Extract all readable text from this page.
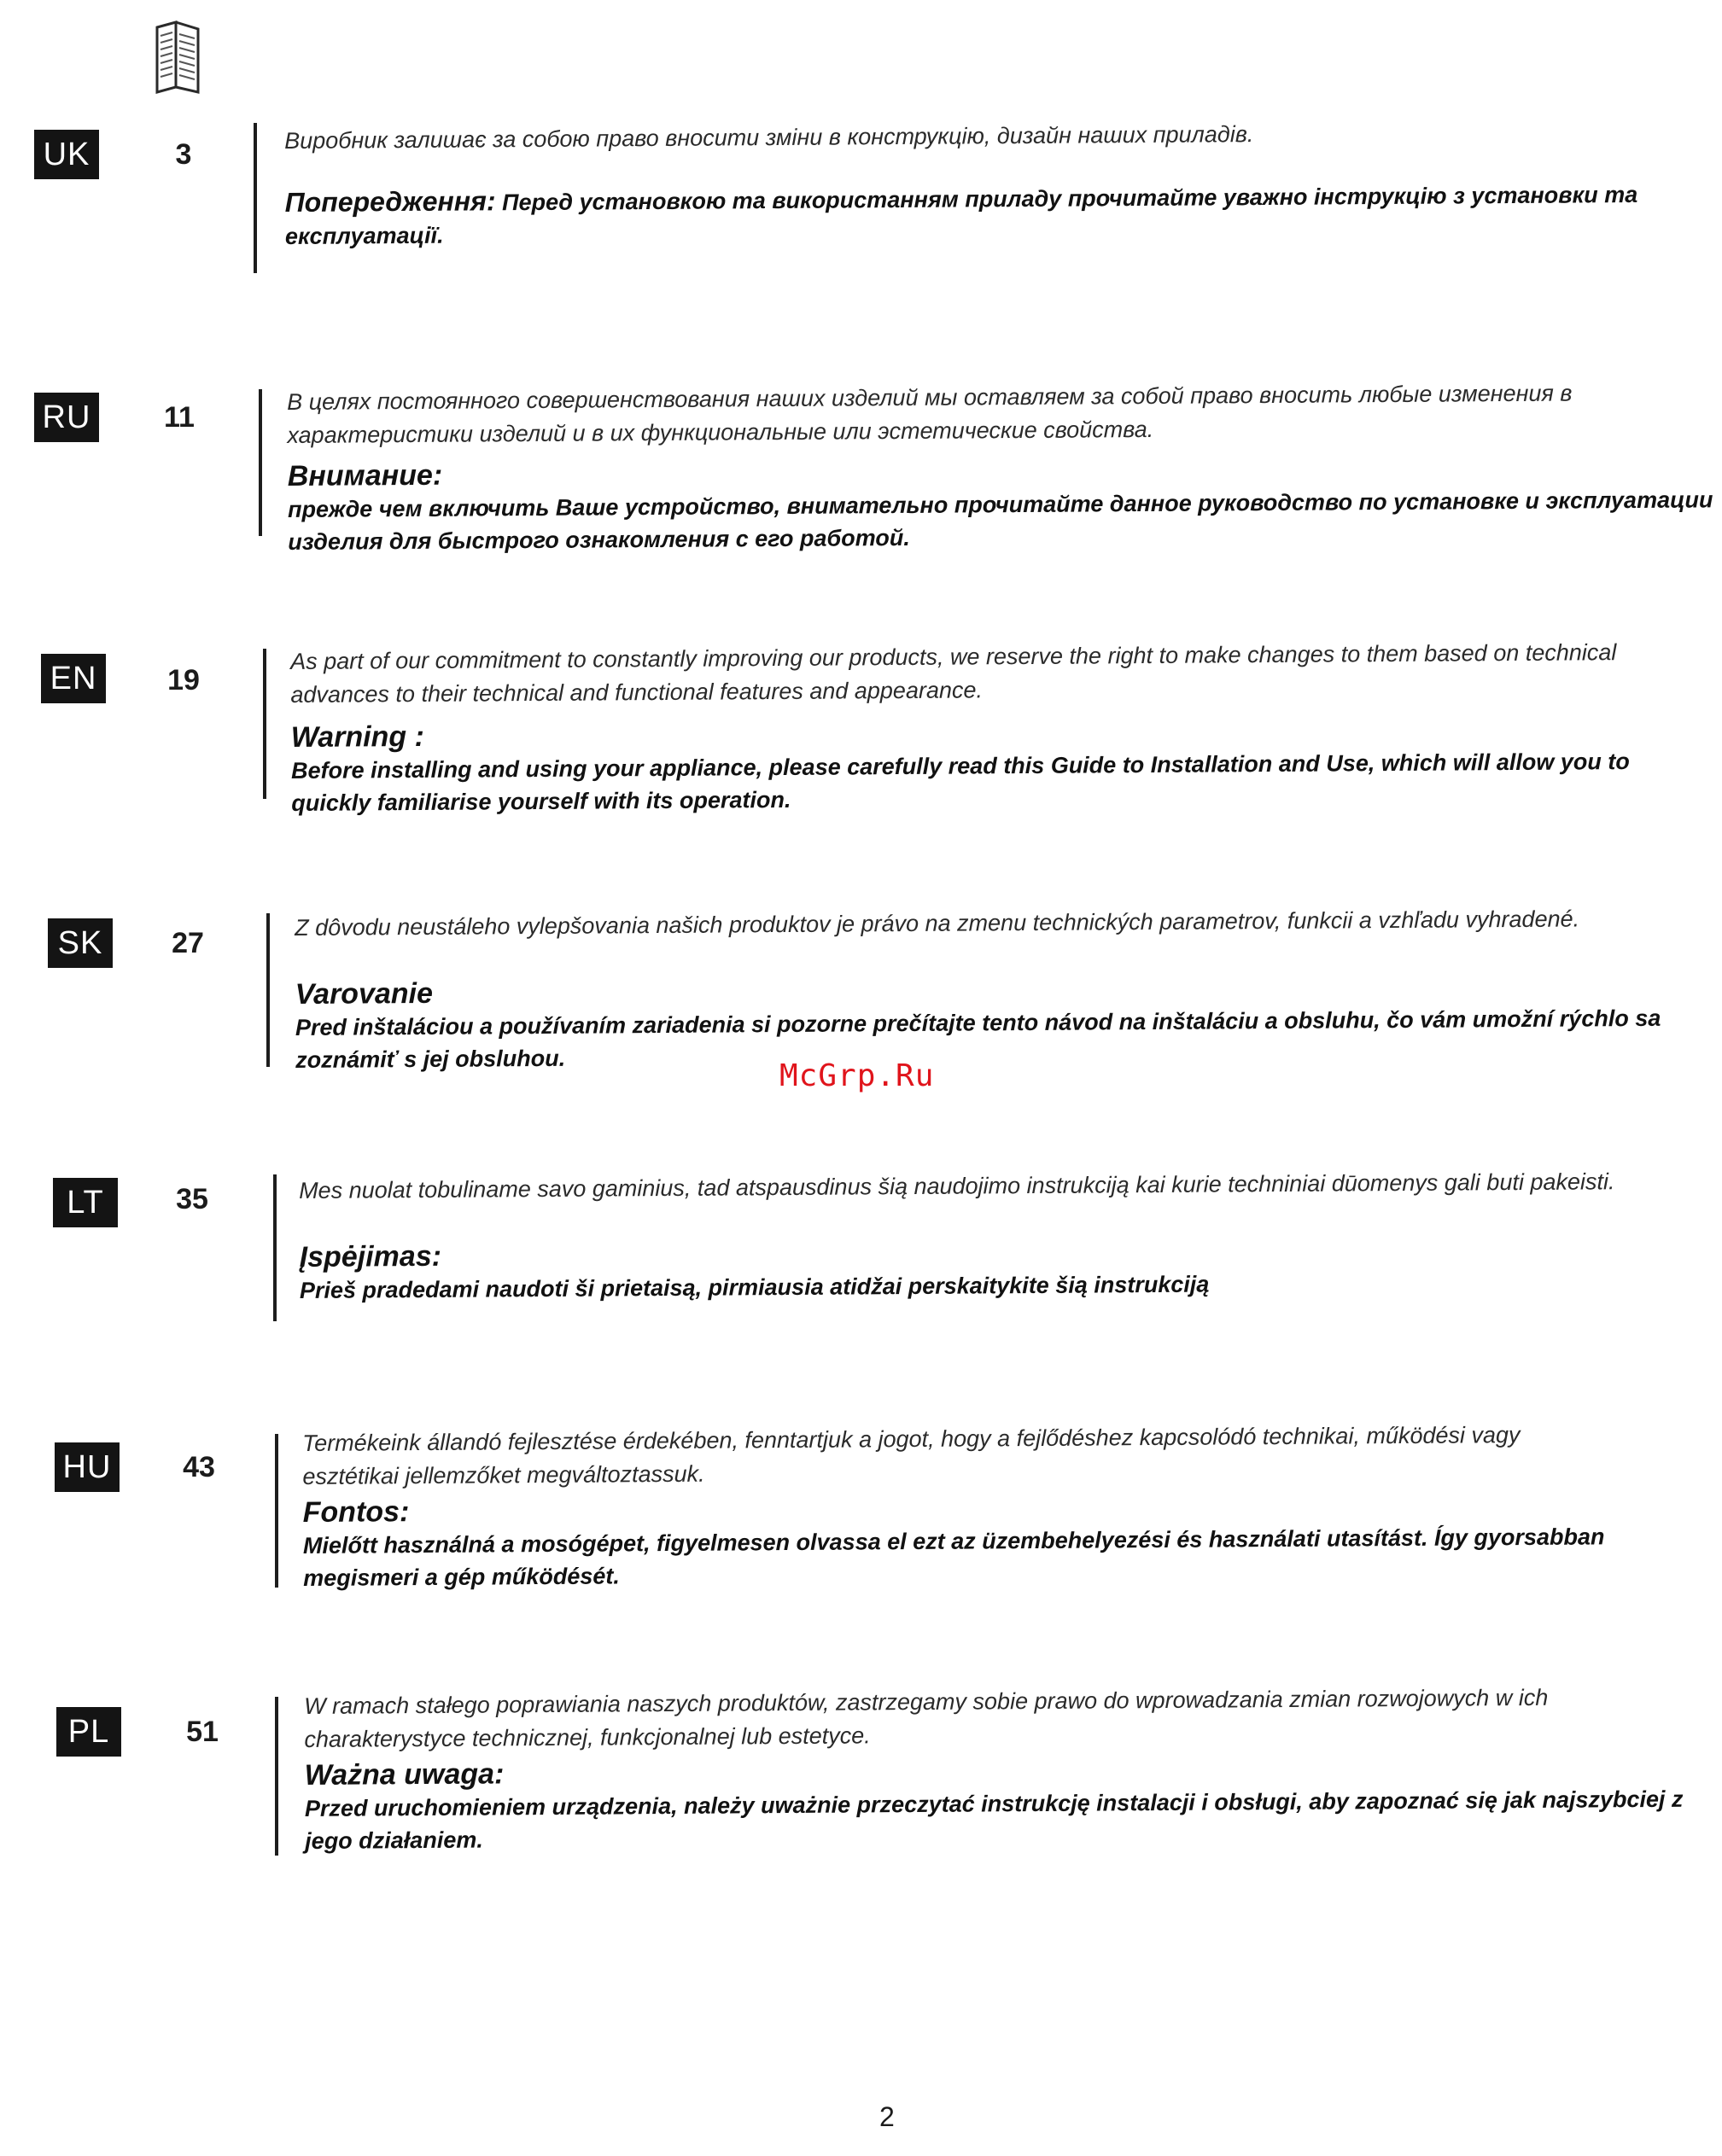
UK	3

Виробник залишає за собою право вносити зміни в конструкцію, дизайн наших приладів.

Попередження: Перед установкою та використанням приладу прочитайте уважно інструкцію з установки та експлуатації.

RU	11

В целях постоянного совершенствования наших изделий мы оставляем за собой право вносить любые изменения в характеристики изделий и в их функциональные или эстетические свойства.

Внимание:

прежде чем включить Ваше устройство, внимательно прочитайте данное руководство по установке и эксплуатации изделия для быстрого ознакомления с его работой.

EN	19

As part of our commitment to constantly improving our products, we reserve the right to make changes to them based on technical advances to their technical and functional features and appearance.

Warning :

Before installing and using your appliance, please carefully read this Guide to Installation and Use, which will allow you to quickly familiarise yourself with its operation.

SK	27

Z dôvodu neustáleho vylepšovania našich produktov je právo na zmenu technických parametrov, funkcii a vzhľadu vyhradené.

Varovanie

Pred inštaláciou a používaním zariadenia si pozorne prečítajte tento návod na inštaláciu a obsluhu, čo vám umožní rýchlo sa zoznámiť s jej obsluhou.

LT	35	Mes nuolat tobuliname savo gaminius, tad atspausdinus šią naudojimo instrukciją kai kurie techniniai dūomenys gali buti pakeisti.

Įspėjimas:

Prieš pradedami naudoti ši prietaisą, pirmiausia atidžai perskaitykite šią instrukciją

HU	43

Termékeink állandó fejlesztése érdekében, fenntartjuk a jogot, hogy a fejlődéshez kapcsolódó technikai, működési vagy esztétikai jellemzőket megváltoztassuk.

Fontos:

Mielőtt használná a mosógépet, figyelmesen olvassa el ezt az üzembehelyezési és használati utasítást. Így gyorsabban megismeri a gép működését.

PL	51

W ramach stałego poprawiania naszych produktów, zastrzegamy sobie prawo do wprowadzania zmian rozwojowych w ich charakterystyce technicznej, funkcjonalnej lub estetyce.

Ważna uwaga:

Przed uruchomieniem urządzenia, należy uważnie przeczytać instrukcję instalacji i obsługi, aby zapoznać się jak najszybciej z jego działaniem.

McGrp.Ru
2
